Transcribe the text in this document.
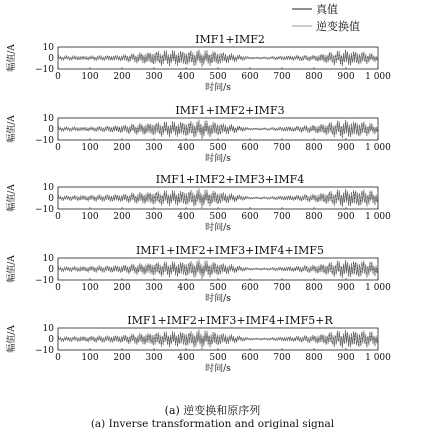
真值
逆变换值
IMF1+IMF2
10
0
−10
幅值/A
0 100 200 300 400 500 600 700 800 900 1 000
时间/s
IMF1+IMF2+IMF3
10
0
−10
幅值/A
0 100 200 300 400 500 600 700 800 900 1 000
时间/s
IMF1+IMF2+IMF3+IMF4
10
0
−10
幅值/A
0 100 200 300 400 500 600 700 800 900 1 000
时间/s
IMF1+IMF2+IMF3+IMF4+IMF5
10
0
−10
幅值/A
0 100 200 300 400 500 600 700 800 900 1 000
时间/s
IMF1+IMF2+IMF3+IMF4+IMF5+R
10
0
−10
幅值/A
0 100 200 300 400 500 600 700 800 900 1 000
时间/s
(a) 逆变换和原序列
(a) Inverse transformation and original signal
